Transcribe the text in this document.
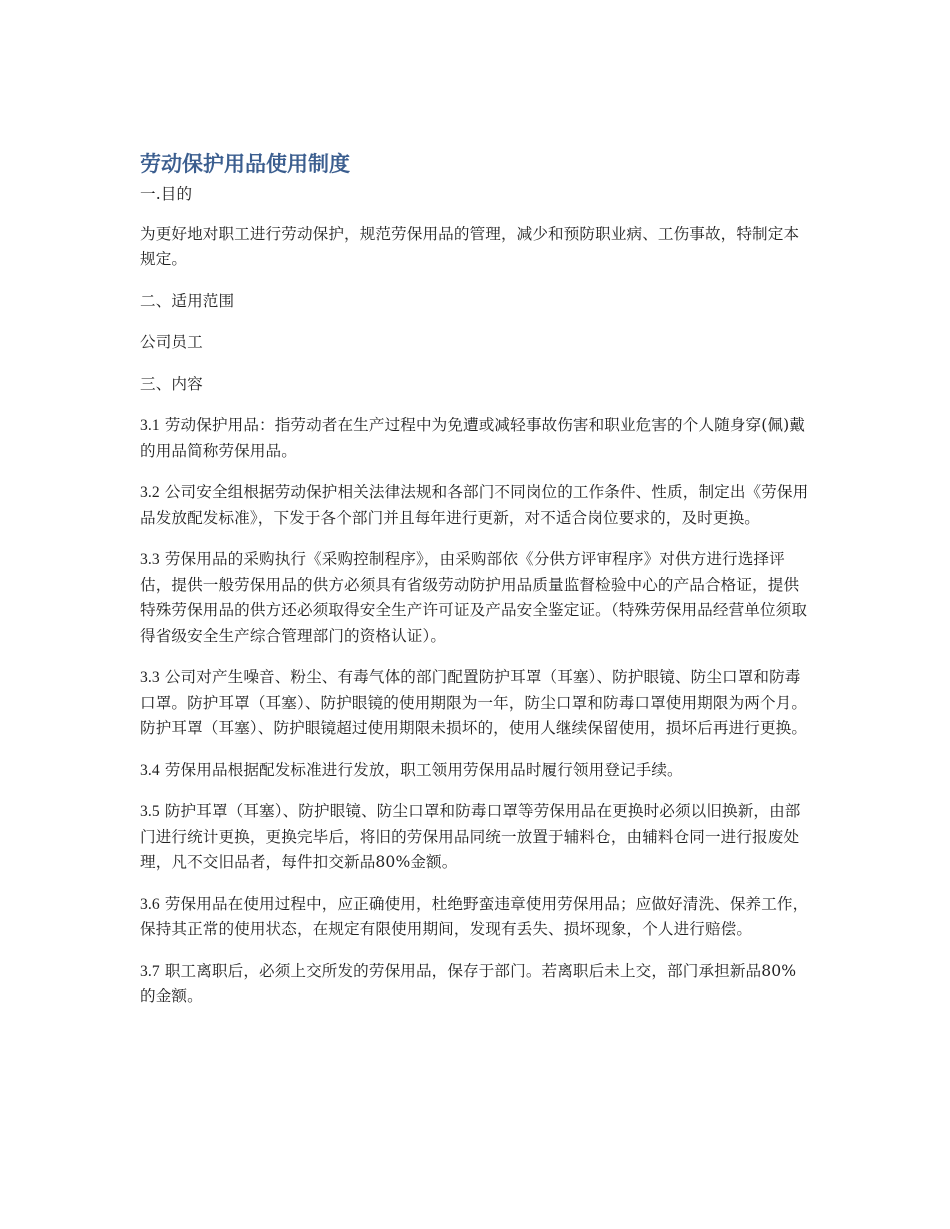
劳动保护用品使用制度

一.目的

为更好地对职工进行劳动保护，规范劳保用品的管理，减少和预防职业病、工伤事故，特制定本规定。

二、适用范围

公司员工

三、内容

3.1 劳动保护用品：指劳动者在生产过程中为免遭或减轻事故伤害和职业危害的个人随身穿(佩)戴的用品简称劳保用品。

3.2 公司安全组根据劳动保护相关法律法规和各部门不同岗位的工作条件、性质，制定出《劳保用品发放配发标准》，下发于各个部门并且每年进行更新，对不适合岗位要求的，及时更换。

3.3 劳保用品的采购执行《采购控制程序》，由采购部依《分供方评审程序》对供方进行选择评估，提供一般劳保用品的供方必须具有省级劳动防护用品质量监督检验中心的产品合格证，提供特殊劳保用品的供方还必须取得安全生产许可证及产品安全鉴定证。（特殊劳保用品经营单位须取得省级安全生产综合管理部门的资格认证）。

3.3 公司对产生噪音、粉尘、有毒气体的部门配置防护耳罩（耳塞）、防护眼镜、防尘口罩和防毒口罩。防护耳罩（耳塞）、防护眼镜的使用期限为一年，防尘口罩和防毒口罩使用期限为两个月。防护耳罩（耳塞）、防护眼镜超过使用期限未损坏的，使用人继续保留使用，损坏后再进行更换。

3.4 劳保用品根据配发标准进行发放，职工领用劳保用品时履行领用登记手续。

3.5 防护耳罩（耳塞）、防护眼镜、防尘口罩和防毒口罩等劳保用品在更换时必须以旧换新，由部门进行统计更换，更换完毕后，将旧的劳保用品同统一放置于辅料仓，由辅料仓同一进行报废处理，凡不交旧品者，每件扣交新品80%金额。

3.6 劳保用品在使用过程中，应正确使用，杜绝野蛮违章使用劳保用品；应做好清洗、保养工作，保持其正常的使用状态，在规定有限使用期间，发现有丢失、损坏现象，个人进行赔偿。

3.7 职工离职后，必须上交所发的劳保用品，保存于部门。若离职后未上交，部门承担新品80%的金额。
